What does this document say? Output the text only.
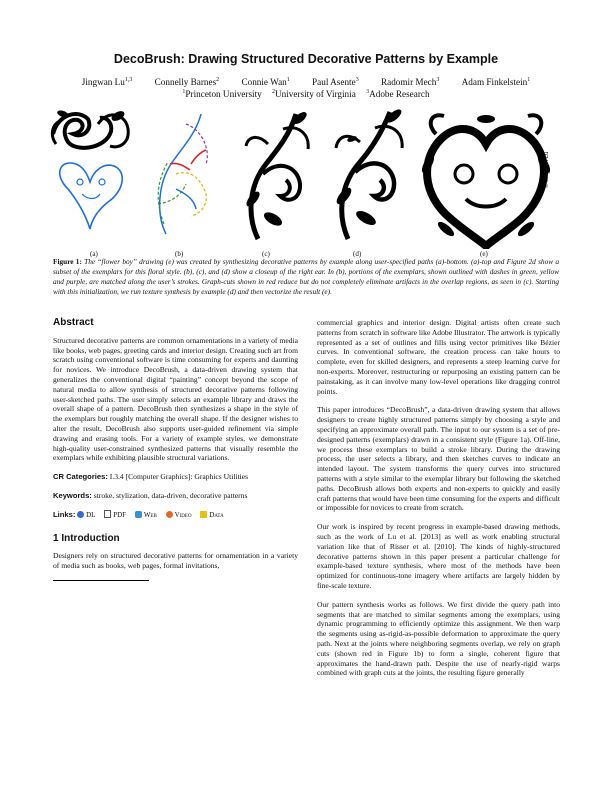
DecoBrush: Drawing Structured Decorative Patterns by Example
Jingwan Lu$^{1,3}$ Connelly Barnes$^2$ Connie Wan$^1$ Paul Asente$^3$ Radomir Mech$^3$ Adam Finkelstein$^1$
$^1$Princeton University $^2$University of Virginia $^3$Adobe Research
(a)	(b)	(c)	(d)	(e)
© Jingwan Lu
Figure 1: The “flower boy” drawing (e) was created by synthesizing decorative patterns by example along user-specified paths (a)-bottom. (a)-top and Figure 2d show a subset of the exemplars for this floral style. (b), (c), and (d) show a closeup of the right ear. In (b), portions of the exemplars, shown outlined with dashes in green, yellow and purple, are matched along the user’s strokes. Graph-cuts shown in red reduce but do not completely eliminate artifacts in the overlap regions, as seen in (c). Starting with this initialization, we run texture synthesis by example (d) and then vectorize the result (e).
Abstract

Structured decorative patterns are common ornamentations in a variety of media like books, web pages, greeting cards and interior design. Creating such art from scratch using conventional software is time consuming for experts and daunting for novices. We introduce DecoBrush, a data-driven drawing system that generalizes the conventional digital “painting” concept beyond the scope of natural media to allow synthesis of structured decorative patterns following user-sketched paths. The user simply selects an example library and draws the overall shape of a pattern. DecoBrush then synthesizes a shape in the style of the exemplars but roughly matching the overall shape. If the designer wishes to alter the result, DecoBrush also supports user-guided refinement via simple drawing and erasing tools. For a variety of example styles, we demonstrate high-quality user-constrained synthesized patterns that visually resemble the exemplars while exhibiting plausible structural variations.

CR Categories: I.3.4 [Computer Graphics]: Graphics Utilities

Keywords: stroke, stylization, data-driven, decorative patterns

Links: DL	PDF	Web	Video	Data

1 Introduction

Designers rely on structured decorative patterns for ornamentation in a variety of media such as books, web pages, formal invitations,

commercial graphics and interior design. Digital artists often create such patterns from scratch in software like Adobe Illustrator. The artwork is typically represented as a set of outlines and fills using vector primitives like Bézier curves. In conventional software, the creation process can take hours to complete, even for skilled designers, and represents a steep learning curve for non-experts. Moreover, restructuring or repurposing an existing pattern can be painstaking, as it can involve many low-level operations like dragging control points.

This paper introduces “DecoBrush”, a data-driven drawing system that allows designers to create highly structured patterns simply by choosing a style and specifying an approximate overall path. The input to our system is a set of pre-designed patterns (exemplars) drawn in a consistent style (Figure 1a). Off-line, we process these exemplars to build a stroke library. During the drawing process, the user selects a library, and then sketches curves to indicate an intended layout. The system transforms the query curves into structured patterns with a style similar to the exemplar library but following the sketched paths. DecoBrush allows both experts and non-experts to quickly and easily craft patterns that would have been time consuming for the experts and difficult or impossible for novices to create from scratch.

Our work is inspired by recent progress in example-based drawing methods, such as the work of Lu et al. [2013] as well as work enabling structural variation like that of Risser et al. [2010]. The kinds of highly-structured decorative patterns shown in this paper present a particular challenge for example-based texture synthesis, where most of the methods have been optimized for continuous-tone imagery where artifacts are largely hidden by fine-scale texture.

Our pattern synthesis works as follows. We first divide the query path into segments that are matched to similar segments among the exemplars, using dynamic programming to efficiently optimize this assignment. We then warp the segments using as-rigid-as-possible deformation to approximate the query path. Next at the joints where neighboring segments overlap, we rely on graph cuts (shown red in Figure 1b) to form a single, coherent figure that approximates the hand-drawn path. Despite the use of nearly-rigid warps combined with graph cuts at the joints, the resulting figure generally
